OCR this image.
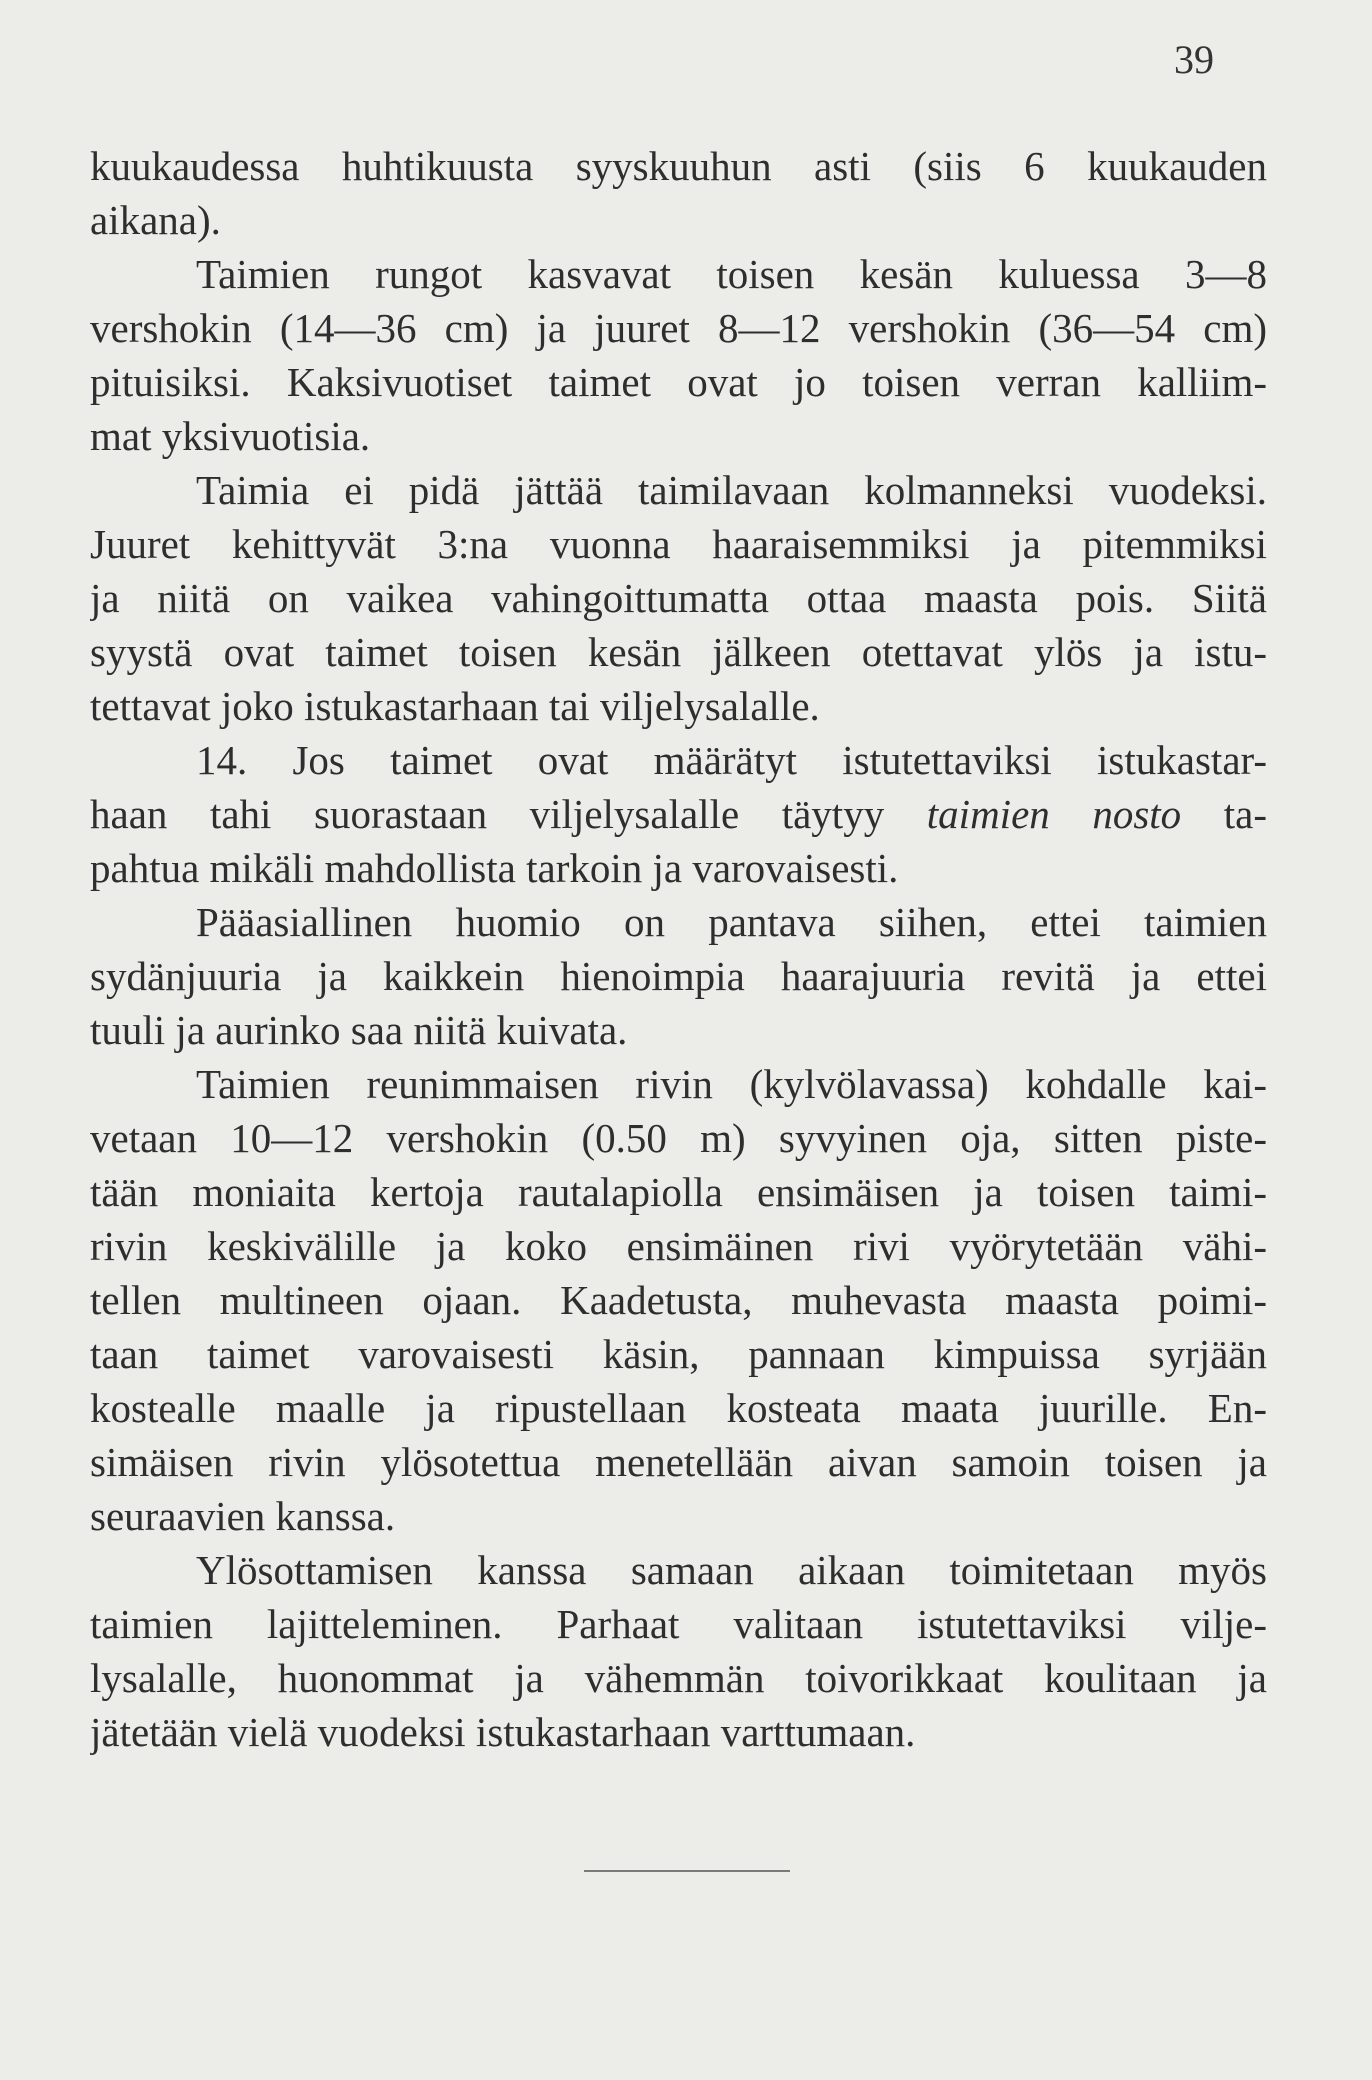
39
kuukaudessa huhtikuusta syyskuuhun asti (siis 6 kuukauden
aikana).
Taimien rungot kasvavat toisen kesän kuluessa 3—8
vershokin (14—36 cm) ja juuret 8—12 vershokin (36—54 cm)
pituisiksi. Kaksivuotiset taimet ovat jo toisen verran kalliim-
mat yksivuotisia.
Taimia ei pidä jättää taimilavaan kolmanneksi vuodeksi.
Juuret kehittyvät 3:na vuonna haaraisemmiksi ja pitemmiksi
ja niitä on vaikea vahingoittumatta ottaa maasta pois. Siitä
syystä ovat taimet toisen kesän jälkeen otettavat ylös ja istu-
tettavat joko istukastarhaan tai viljelysalalle.
14. Jos taimet ovat määrätyt istutettaviksi istukastar-
haan tahi suorastaan viljelysalalle täytyy taimien nosto ta-
pahtua mikäli mahdollista tarkoin ja varovaisesti.
Pääasiallinen huomio on pantava siihen, ettei taimien
sydänjuuria ja kaikkein hienoimpia haarajuuria revitä ja ettei
tuuli ja aurinko saa niitä kuivata.
Taimien reunimmaisen rivin (kylvölavassa) kohdalle kai-
vetaan 10—12 vershokin (0.50 m) syvyinen oja, sitten piste-
tään moniaita kertoja rautalapiolla ensimäisen ja toisen taimi-
rivin keskivälille ja koko ensimäinen rivi vyörytetään vähi-
tellen multineen ojaan. Kaadetusta, muhevasta maasta poimi-
taan taimet varovaisesti käsin, pannaan kimpuissa syrjään
kostealle maalle ja ripustellaan kosteata maata juurille. En-
simäisen rivin ylösotettua menetellään aivan samoin toisen ja
seuraavien kanssa.
Ylösottamisen kanssa samaan aikaan toimitetaan myös
taimien lajitteleminen. Parhaat valitaan istutettaviksi vilje-
lysalalle, huonommat ja vähemmän toivorikkaat koulitaan ja
jätetään vielä vuodeksi istukastarhaan varttumaan.
